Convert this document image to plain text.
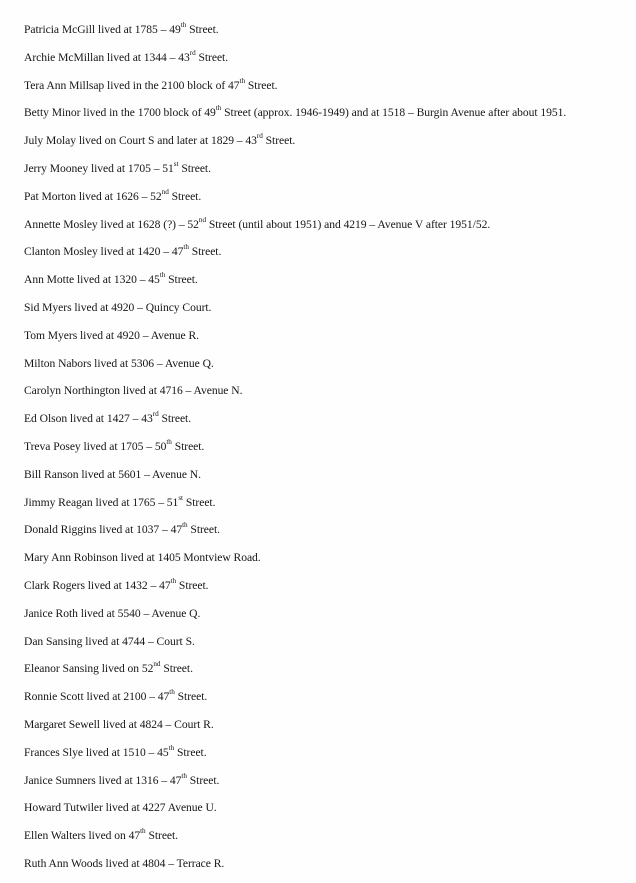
Patricia McGill lived at 1785 – 49th Street.
Archie McMillan lived at 1344 – 43rd Street.
Tera Ann Millsap lived in the 2100 block of 47th Street.
Betty Minor lived in the 1700 block of 49th Street (approx. 1946-1949) and at 1518 – Burgin Avenue after about 1951.
July Molay lived on Court S and later at 1829 – 43rd Street.
Jerry Mooney lived at 1705 – 51st Street.
Pat Morton lived at 1626 – 52nd Street.
Annette Mosley lived at 1628 (?) – 52nd Street (until about 1951) and 4219 – Avenue V after 1951/52.
Clanton Mosley lived at 1420 – 47th Street.
Ann Motte lived at 1320 – 45th Street.
Sid Myers lived at 4920 – Quincy Court.
Tom Myers lived at 4920 – Avenue R.
Milton Nabors lived at 5306 – Avenue Q.
Carolyn Northington lived at 4716 – Avenue N.
Ed Olson lived at 1427 – 43rd Street.
Treva Posey lived at 1705 – 50th Street.
Bill Ranson lived at 5601 – Avenue N.
Jimmy Reagan lived at 1765 – 51st Street.
Donald Riggins lived at 1037 – 47th Street.
Mary Ann Robinson lived at 1405 Montview Road.
Clark Rogers lived at 1432 – 47th Street.
Janice Roth lived at 5540 – Avenue Q.
Dan Sansing lived at 4744 – Court S.
Eleanor Sansing lived on 52nd Street.
Ronnie Scott lived at 2100 – 47th Street.
Margaret Sewell lived at 4824 – Court R.
Frances Slye lived at 1510 – 45th Street.
Janice Sumners lived at 1316 – 47th Street.
Howard Tutwiler lived at 4227 Avenue U.
Ellen Walters lived on 47th Street.
Ruth Ann Woods lived at 4804 – Terrace R.
